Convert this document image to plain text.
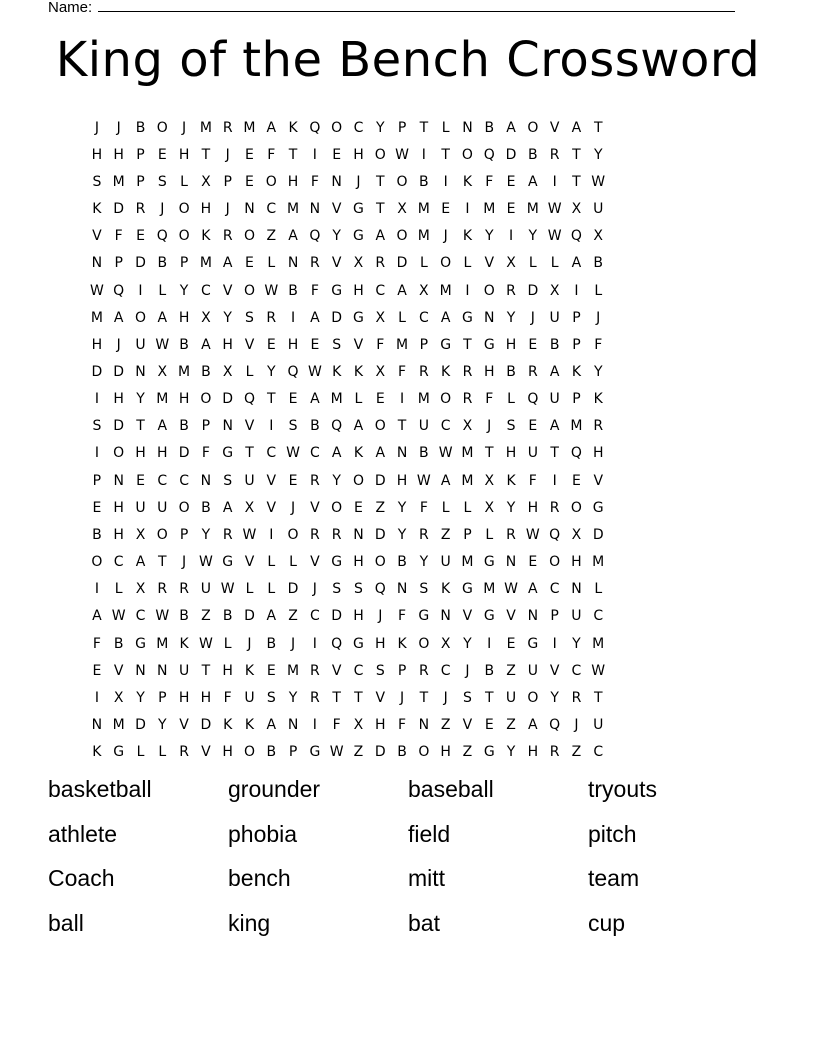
Name:
King of the Bench Crossword
J	J	B O	J M R M A K Q O C Y P T L N B A O V A T
H H P E H T	J	E F T	I	E H O W I	T O Q D B R T Y
S M P S L X P E O H F N	J	T O B	I	K F E A	I	T W
K D R	J	O H	J	N C M N V G T X M E	I M E M W X U
V F E Q O K R O Z A Q Y G A O M J	K Y	I	Y W Q X
N P D B P M A E L N R V X R D L O L V X L L A B
W Q	I	L Y C V O W B F G H C A X M I	O R D X	I	L
M A O A H X Y S R	I	A D G X L C A G N Y	J	U P	J
H	J	U W B A H V E H E S V F M P G T G H E B P F
D D N X M B X L Y Q W K K X F R K R H B R A K Y
I	H Y M H O D Q T E A M L E	I M O R F L Q U P K
S D T A B P N V	I	S B Q A O T U C X	J	S E A M R
I	O H H D F G T C W C A K A N B W M T H U T Q H
P N E C C N S U V E R Y O D H W A M X K F	I	E V
E H U U O B A X V	J	V O E Z Y F L L X Y H R O G
B H X O P Y R W I	O R R N D Y R Z P L R W Q X D
O C A T	J W G V L L V G H O B Y U M G N E O H M
I	L X R R U W L L D	J	S S Q N S K G M W A C N L
A W C W B Z B D A Z C D H	J	F G N V G V N P U C
F B G M K W L	J	B	J	I	Q G H K O X Y	I	E G	I	Y M
E V N N U T H K E M R V C S P R C	J	B Z U V C W
I	X Y P H H F U S Y R T T V	J	T	J	S T U O Y R T
N M D Y V D K K A N	I	F X H F N Z V E Z A Q	J	U
K G L L R V H O B P G W Z D B O H Z G Y H R Z C
basketball	grounder	baseball	tryouts
athlete	phobia	field	pitch
Coach	bench	mitt	team
ball	king	bat	cup
